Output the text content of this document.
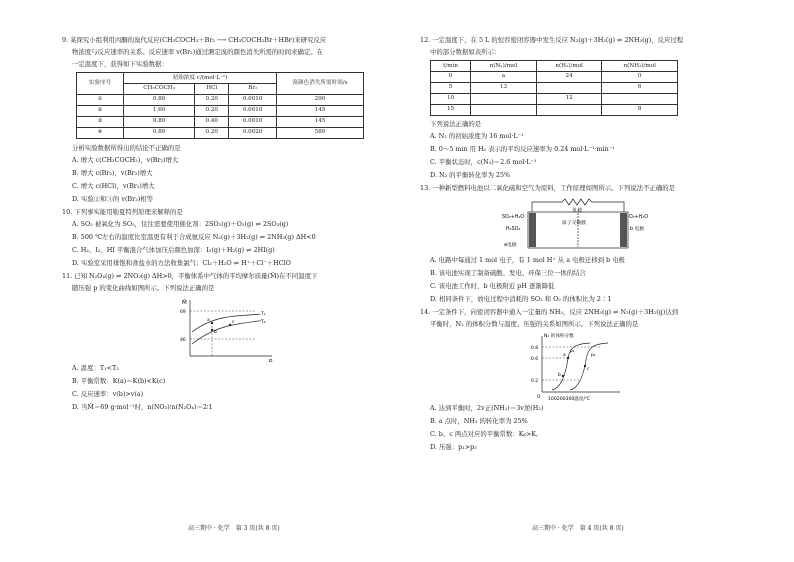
9. 某探究小组利用丙酮的溴代反应(CH₃COCH₃＋Br₂ ⟶ CH₃COCH₂Br＋HBr)来研究反应
物浓度与反应速率的关系。反应速率 v(Br₂)通过测定溴的颜色消失所需的时间来确定。在
一定温度下，获得如下实验数据：
实验序号	初始浓度 c/(mol·L⁻¹)			溴颜色消失所需时间/s
	CH₃COCH₃	HCl	Br₂	
①	0.80	0.20	0.0010	290
②	1.60	0.20	0.0010	145
③	0.80	0.40	0.0010	145
④	0.80	0.20	0.0020	580
分析实验数据所得出的结论不正确的是
A. 增大 c(CH₃COCH₃)，v(Br₂)增大
B. 增大 c(Br₂)，v(Br₂)增大
C. 增大 c(HCl)，v(Br₂)增大
D. 实验②和③的 v(Br₂)相等
10. 下列事实能用勒夏特列原理来解释的是
A. SO₂ 被氧化为 SO₃，往往需要使用催化剂：2SO₂(g)＋O₂(g) ⇌ 2SO₃(g)
B. 500 ℃左右的温度比室温更有利于合成氨反应 N₂(g)＋3H₂(g) ⇌ 2NH₃(g) ΔH<0
C. H₂、I₂、HI 平衡混合气体加压后颜色加深：I₂(g)＋H₂(g) ⇌ 2HI(g)
D. 实验室采用排饱和食盐水的方法收集氯气：Cl₂＋H₂O ⇌ H⁺＋Cl⁻＋HClO
11. 已知 N₂O₄(g) ⇌ 2NO₂(g) ΔH>0，平衡体系中气体的平均摩尔质量(M̄)在不同温度下
随压强 p 的变化曲线如图所示。下列说法正确的是
M̄
p
69
46
T₁
T₂
a
b
c
A. 温度：T₁<T₂
B. 平衡常数：K(a)＝K(b)<K(c)
C. 反应速率：v(b)>v(a)
D. 当M̄＝69 g·mol⁻¹时，n(NO₂)∶n(N₂O₄)＝2∶1
高三期中 · 化学　第 3 页(共 8 页)
12. 一定温度下，在 5 L 的恒容密闭容器中发生反应 N₂(g)＋3H₂(g) ⇌ 2NH₃(g)，反应过程
中的部分数据如表所示：
t/min	n(N₂)/mol	n(H₂)/mol	n(NH₃)/mol
0	a	24	0
5	13		6
10		12	
15			8
下列说法正确的是
A. N₂ 的初始浓度为 16 mol·L⁻¹
B. 0～5 min 用 H₂ 表示的平均反应速率为 0.24 mol·L⁻¹·min⁻¹
C. 平衡状态时，c(N₂)＝2.6 mol·L⁻¹
D. N₂ 的平衡转化率为 25%
13. 一种新型燃料电池以二氧化硫和空气为原料，工作原理如图所示。下列说法不正确的是
负载
质子交换膜
SO₂+H₂O
H₂SO₄
a电极
O₂+H₂O
b 电极
A. 电路中每通过 1 mol 电子，有 1 mol H⁺ 从 a 电极迁移到 b 电极
B. 该电池实现了制备硫酸、发电、环保三位一体的结合
C. 该电池工作时，b 电极附近 pH 逐渐降低
D. 相同条件下，放电过程中消耗的 SO₂ 和 O₂ 的体积比为 2∶1
14. 一定条件下，向密闭容器中通入一定量的 NH₃，反应 2NH₃(g) ⇌ N₂(g)＋3H₂(g)达到
平衡时，N₂ 的体积分数与温度、压强的关系如图所示。下列说法正确的是
N₂ 的体积分数
100200300温度/℃
0.8
0.6
0.2
O
p₁
p₂
a
b
c
A. 达到平衡时，2v正(NH₃)＝3v逆(H₂)
B. a 点时，NH₃ 的转化率为 25%
C. b、c 两点对应的平衡常数：Kᵦ>K꜀
D. 压强：p₁>p₂
高三期中 · 化学　第 4 页(共 8 页)
